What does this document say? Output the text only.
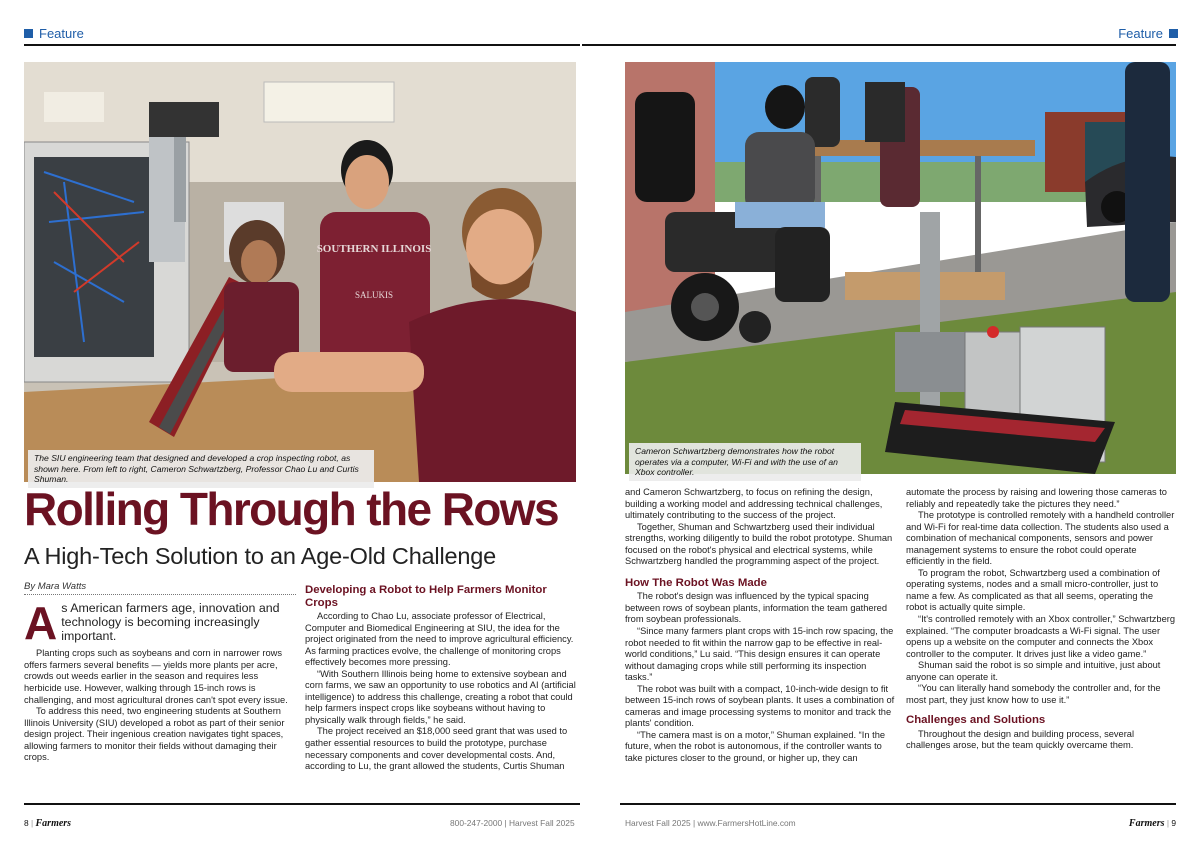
Feature	Feature
SOUTHERN ILLINOIS
SALUKIS
The SIU engineering team that designed and developed a crop inspecting robot, as shown here. From left to right, Cameron Schwartzberg, Professor Chao Lu and Curtis Shuman.
Cameron Schwartzberg demonstrates how the robot operates via a computer, Wi-Fi and with the use of an Xbox controller.
Rolling Through the Rows
A High-Tech Solution to an Age-Old Challenge
By Mara Watts
A s American farmers age, innovation and technology is becoming increasingly important.

Planting crops such as soybeans and corn in narrower rows offers farmers several benefits — yields more plants per acre, crowds out weeds earlier in the season and requires less herbicide use. However, walking through 15-inch rows is challenging, and most agricultural drones can't spot every issue.

To address this need, two engineering students at Southern Illinois University (SIU) developed a robot as part of their senior design project. Their ingenious creation navigates tight spaces, allowing farmers to monitor their fields without damaging their crops.

Developing a Robot to Help Farmers Monitor Crops

According to Chao Lu, associate professor of Electrical, Computer and Biomedical Engineering at SIU, the idea for the project originated from the need to improve agricultural efficiency. As farming practices evolve, the challenge of monitoring crops effectively becomes more pressing.

“With Southern Illinois being home to extensive soybean and corn farms, we saw an opportunity to use robotics and AI (artificial intelligence) to address this challenge, creating a robot that could help farmers inspect crops like soybeans without having to physically walk through fields,” he said.

The project received an $18,000 seed grant that was used to gather essential resources to build the prototype, purchase necessary components and cover developmental costs. And, according to Lu, the grant allowed the students, Curtis Shuman

and Cameron Schwartzberg, to focus on refining the design, building a working model and addressing technical challenges, ultimately contributing to the success of the project.

Together, Shuman and Schwartzberg used their individual strengths, working diligently to build the robot prototype. Shuman focused on the robot's physical and electrical systems, while Schwartzberg handled the programming aspect of the project.

How The Robot Was Made

The robot's design was influenced by the typical spacing between rows of soybean plants, information the team gathered from soybean professionals.

“Since many farmers plant crops with 15-inch row spacing, the robot needed to fit within the narrow gap to be effective in real-world conditions,” Lu said. “This design ensures it can operate without damaging crops while still performing its inspection tasks.”

The robot was built with a compact, 10-inch-wide design to fit between 15-inch rows of soybean plants. It uses a combination of cameras and image processing systems to monitor and track the plants' condition.

“The camera mast is on a motor,” Shuman explained. “In the future, when the robot is autonomous, if the controller wants to take pictures closer to the ground, or higher up, they can

automate the process by raising and lowering those cameras to reliably and repeatedly take the pictures they need.”

The prototype is controlled remotely with a handheld controller and Wi-Fi for real-time data collection. The students also used a combination of mechanical components, sensors and power management systems to ensure the robot could operate efficiently in the field.

To program the robot, Schwartzberg used a combination of operating systems, nodes and a small micro-controller, just to name a few. As complicated as that all seems, operating the robot is actually quite simple.

“It's controlled remotely with an Xbox controller,” Schwartzberg explained. “The computer broadcasts a Wi-Fi signal. The user opens up a website on the computer and connects the Xbox controller to the computer. It drives just like a video game.”

Shuman said the robot is so simple and intuitive, just about anyone can operate it.

“You can literally hand somebody the controller and, for the most part, they just know how to use it.”

Challenges and Solutions

Throughout the design and building process, several challenges arose, but the team quickly overcame them.

8 | Farmers	800-247-2000 | Harvest Fall 2025	Harvest Fall 2025 | www.FarmersHotLine.com	Farmers | 9
